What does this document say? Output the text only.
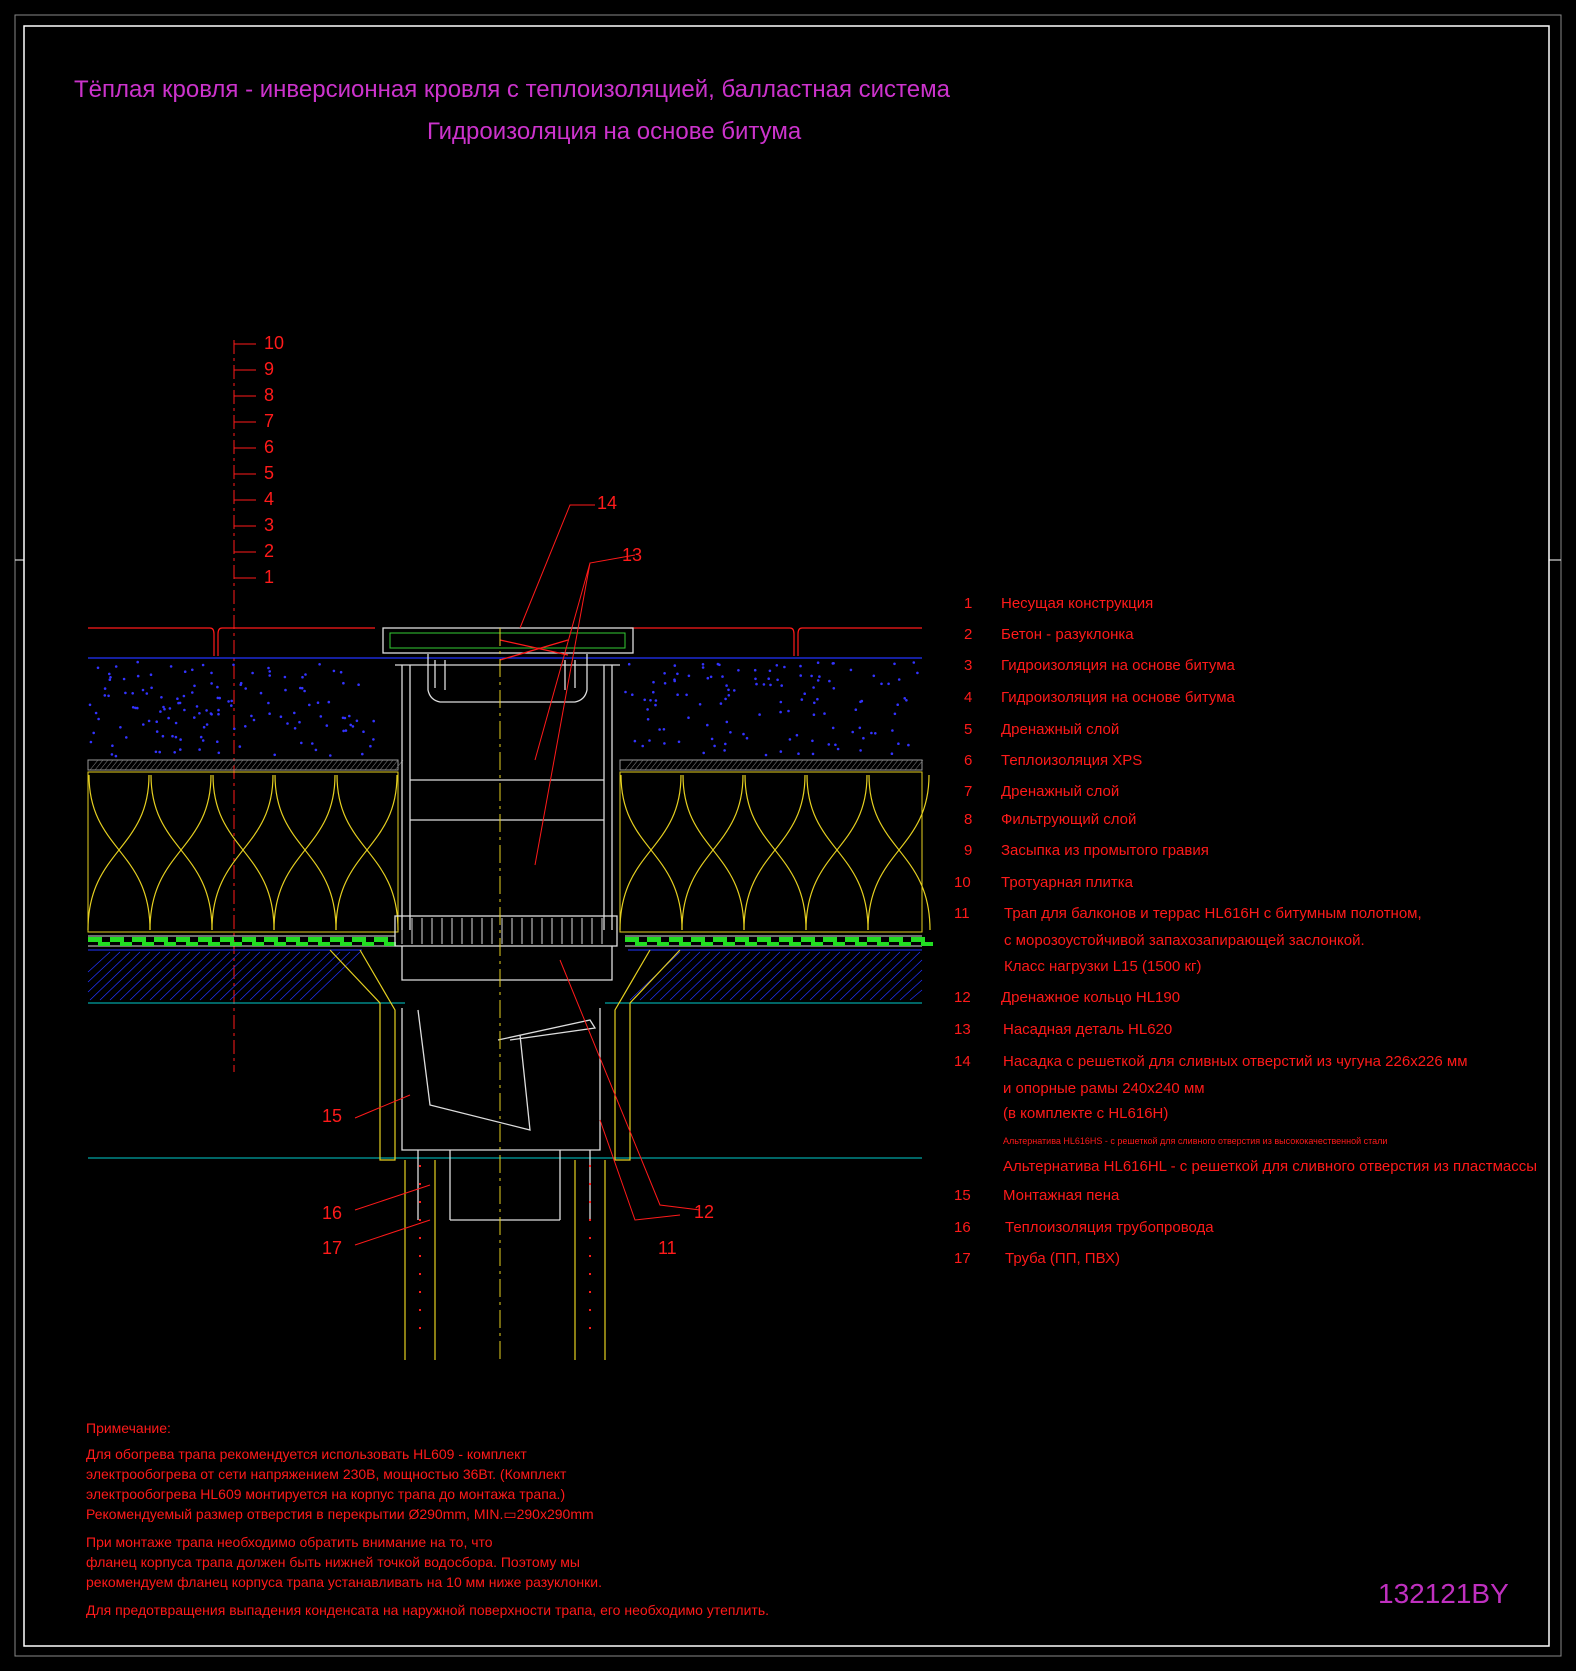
Тёплая кровля - инверсионная кровля с теплоизоляцией, балластная система
Гидроизоляция на основе битума
10
9
8
7
6
5
4
3
2
1
14
13
15
16
17
12
11
1 Несущая конструкция
2 Бетон - разуклонка
3 Гидроизоляция на основе битума
4 Гидроизоляция на основе битума
5 Дренажный слой
6 Теплоизоляция XPS
7 Дренажный слой
8 Фильтрующий слой
9 Засыпка из промытого гравия
10 Тротуарная плитка
11 Трап для балконов и террас HL616H с битумным полотном,
с морозоустойчивой запахозапирающей заслонкой.
Класс нагрузки L15 (1500 кг)
12 Дренажное кольцо HL190
13 Насадная деталь HL620
14 Насадка с решеткой для сливных отверстий из чугуна 226x226 мм
и опорные рамы 240x240 мм
(в комплекте с HL616H)
Альтернатива HL616HS - с решеткой для сливного отверстия из высококачественной стали
Альтернатива HL616HL - с решеткой для сливного отверстия из пластмассы
15 Монтажная пена
16 Теплоизоляция трубопровода
17 Труба (ПП, ПВХ)
Примечание:
Для обогрева трапа рекомендуется использовать HL609 - комплект
электрообогрева от сети напряжением 230В, мощностью 36Вт. (Комплект
электрообогрева HL609 монтируется на корпус трапа до монтажа трапа.)
Рекомендуемый размер отверстия в перекрытии Ø290mm, MIN.▭290x290mm
При монтаже трапа необходимо обратить внимание на то, что
фланец корпуса трапа должен быть нижней точкой водосбора. Поэтому мы
рекомендуем фланец корпуса трапа устанавливать на 10 мм ниже разуклонки.
Для предотвращения выпадения конденсата на наружной поверхности трапа, его необходимо утеплить.
132121BY
